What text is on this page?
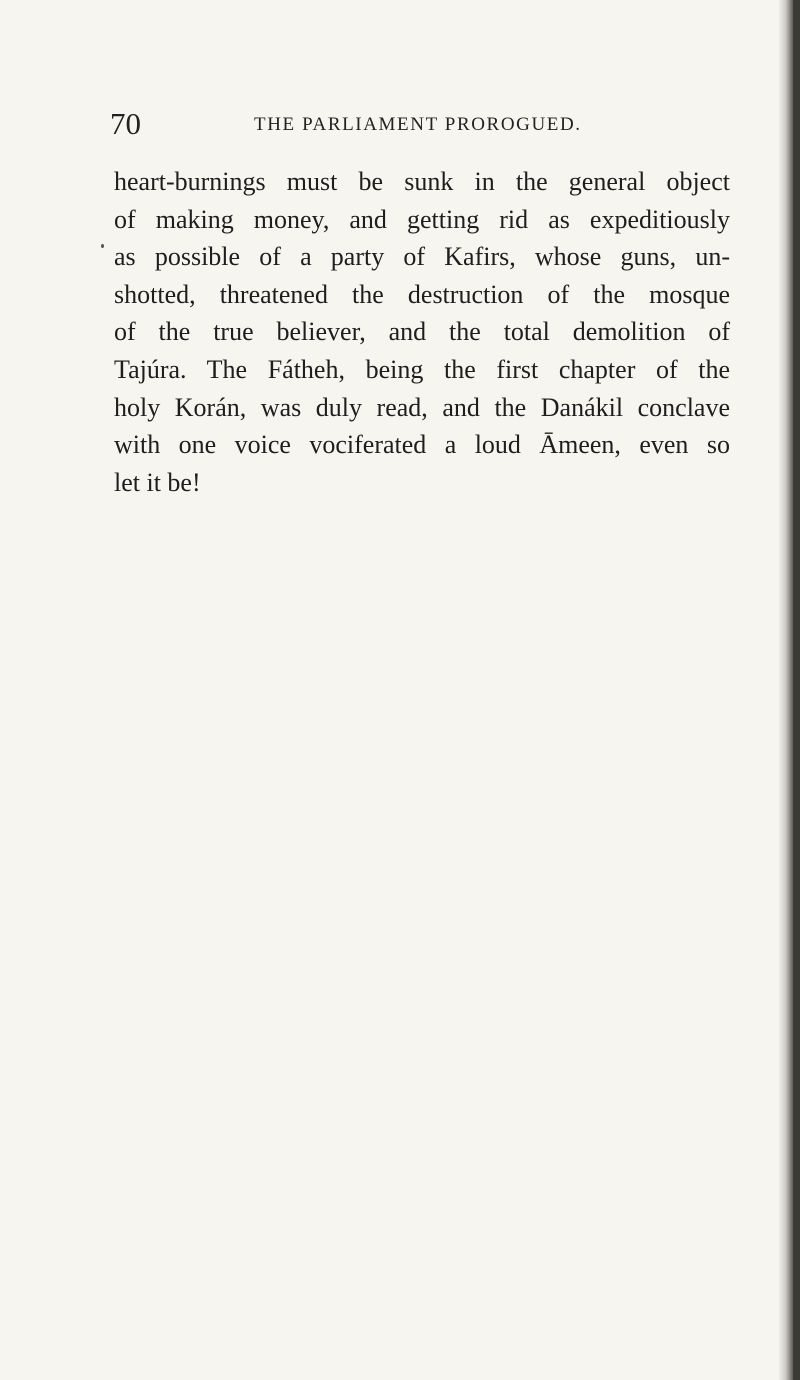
70	THE PARLIAMENT PROROGUED.
heart-burnings must be sunk in the general object
of making money, and getting rid as expeditiously
as possible of a party of Kafirs, whose guns, un-
shotted, threatened the destruction of the mosque
of the true believer, and the total demolition of
Tajúra. The Fátheh, being the first chapter of the
holy Korán, was duly read, and the Danákil conclave
with one voice vociferated a loud Āmeen, even so
let it be!
